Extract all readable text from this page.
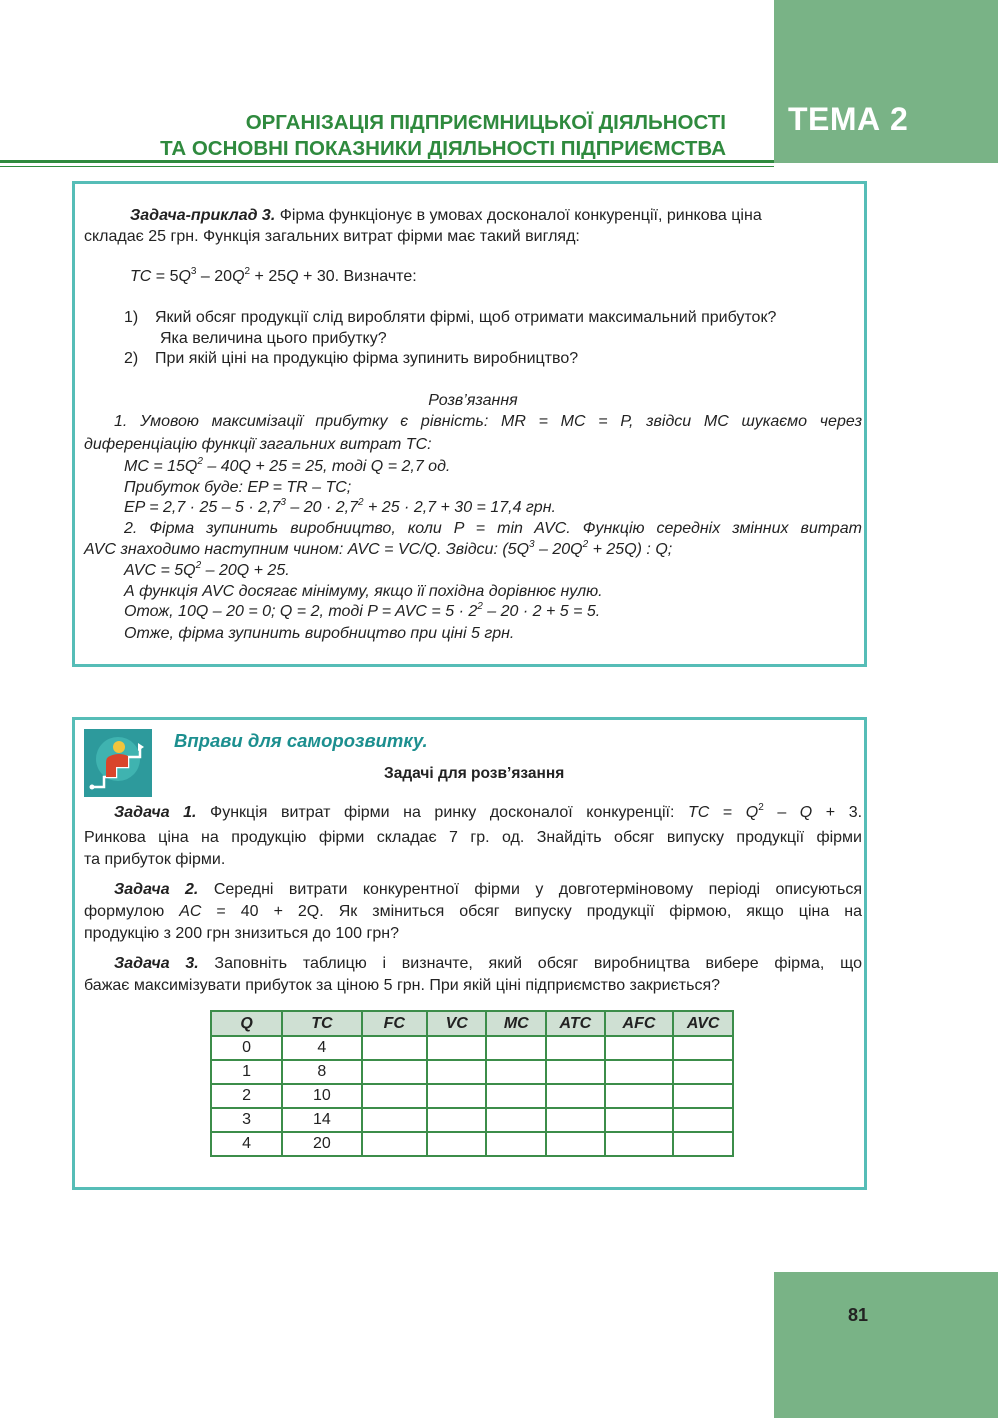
ТЕМА 2
ОРГАНІЗАЦІЯ ПІДПРИЄМНИЦЬКОЇ ДІЯЛЬНОСТІ
ТА ОСНОВНІ ПОКАЗНИКИ ДІЯЛЬНОСТІ ПІДПРИЄМСТВА
Задача-приклад 3. Фірма функціонує в умовах досконалої конкуренції, ринкова ціна
складає 25 грн. Функція загальних витрат фірми має такий вигляд:
TC = $5Q^3 - 20Q^2 + 25Q + 30$. Визначте:
1) Який обсяг продукції слід виробляти фірмі, щоб отримати максимальний прибуток?
Яка величина цього прибутку?
2) При якій ціні на продукцію фірма зупинить виробництво?
Розв’язання
1. Умовою максимізації прибутку є рівність: MR = MC = P, звідси MC шукаємо через
диференціацію функції загальних витрат TC:
MC = $15Q^2 - 40Q + 25 = 25$, тоді Q = 2,7 од.
Прибуток буде: EP = TR – TC;
EP = $2,7 \cdot 25 - 5 \cdot 2,7^3 - 20 \cdot 2,7^2 + 25 \cdot 2,7 + 30 = 17,4$ грн.
2. Фірма зупинить виробництво, коли P = min AVC. Функцію середніх змінних витрат
AVC знаходимо наступним чином: AVC = VC/Q. Звідси: $(5Q^3 - 20Q^2 + 25Q)$ : Q;
AVC = $5Q^2 - 20Q + 25$.
А функція AVC досягає мінімуму, якщо її похідна дорівнює нулю.
Отож, 10Q – 20 = 0; Q = 2, тоді P = AVC = $5 \cdot 2^2 - 20 \cdot 2 + 5 = 5$.
Отже, фірма зупинить виробництво при ціні 5 грн.
Вправи для саморозвитку.
Задачі для розв’язання
Задача 1. Функція витрат фірми на ринку досконалої конкуренції: TC = $Q^2 - Q + 3$.
Ринкова ціна на продукцію фірми складає 7 гр. од. Знайдіть обсяг випуску продукції фірми
та прибуток фірми.
Задача 2. Середні витрати конкурентної фірми у довготерміновому періоді описуються
формулою AC = 40 + 2Q. Як зміниться обсяг випуску продукції фірмою, якщо ціна на
продукцію з 200 грн знизиться до 100 грн?
Задача 3. Заповніть таблицю і визначте, який обсяг виробництва вибере фірма, що
бажає максимізувати прибуток за ціною 5 грн. При якій ціні підприємство закриється?
Q	TC	FC	VC	MC	ATC	AFC	AVC
0	4						
1	8						
2	10						
3	14						
4	20						
81
